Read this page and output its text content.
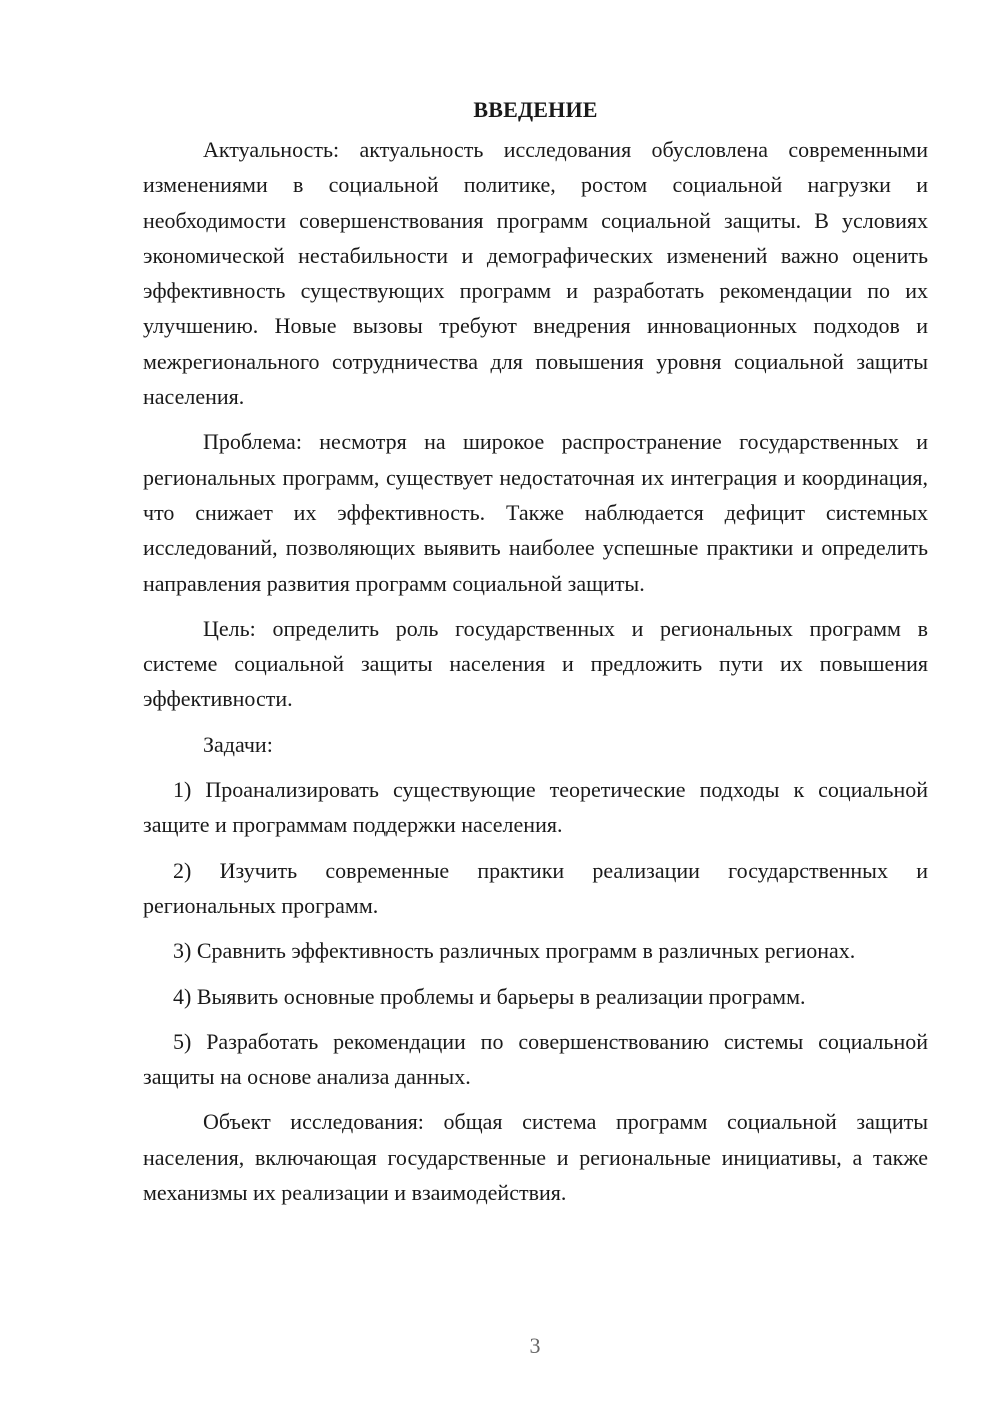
ВВЕДЕНИЕ

Актуальность: актуальность исследования обусловлена современными изменениями в социальной политике, ростом социальной нагрузки и необходимости совершенствования программ социальной защиты. В условиях экономической нестабильности и демографических изменений важно оценить эффективность существующих программ и разработать рекомендации по их улучшению. Новые вызовы требуют внедрения инновационных подходов и межрегионального сотрудничества для повышения уровня социальной защиты населения.

Проблема: несмотря на широкое распространение государственных и региональных программ, существует недостаточная их интеграция и координация, что снижает их эффективность. Также наблюдается дефицит системных исследований, позволяющих выявить наиболее успешные практики и определить направления развития программ социальной защиты.

Цель: определить роль государственных и региональных программ в системе социальной защиты населения и предложить пути их повышения эффективности.

Задачи:

1) Проанализировать существующие теоретические подходы к социальной защите и программам поддержки населения.

2) Изучить современные практики реализации государственных и региональных программ.

3) Сравнить эффективность различных программ в различных регионах.

4) Выявить основные проблемы и барьеры в реализации программ.

5) Разработать рекомендации по совершенствованию системы социальной защиты на основе анализа данных.

Объект исследования: общая система программ социальной защиты населения, включающая государственные и региональные инициативы, а также механизмы их реализации и взаимодействия.

3
